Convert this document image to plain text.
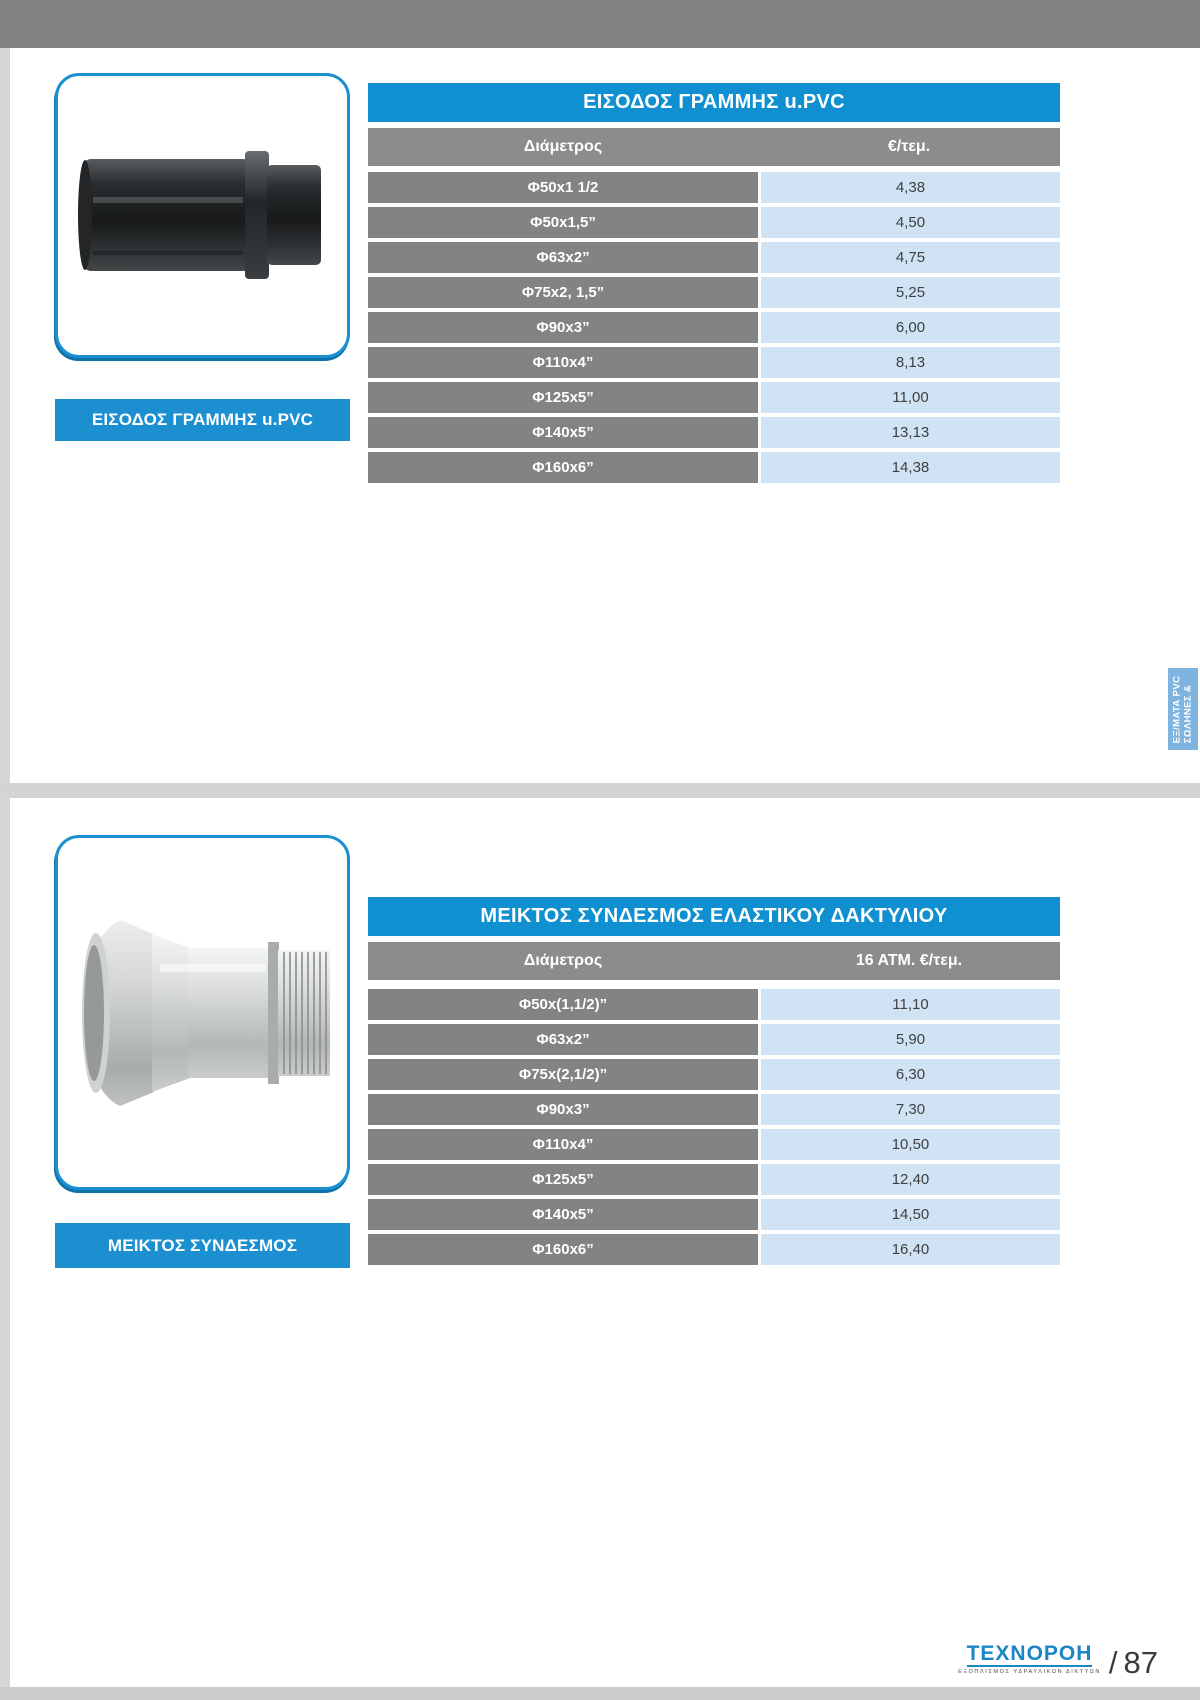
ΕΙΣΟΔΟΣ ΓΡΑΜΜΗΣ u.PVC
ΕΙΣΟΔΟΣ ΓΡΑΜΜΗΣ u.PVC
Διάμετρος	€/τεμ.
Φ50x1 1/2	4,38
Φ50x1,5”	4,50
Φ63x2”	4,75
Φ75x2, 1,5”	5,25
Φ90x3”	6,00
Φ110x4”	8,13
Φ125x5”	11,00
Φ140x5”	13,13
Φ160x6”	14,38
ΜΕΙΚΤΟΣ ΣΥΝΔΕΣΜΟΣ
ΜΕΙΚΤΟΣ ΣΥΝΔΕΣΜΟΣ ΕΛΑΣΤΙΚΟΥ ΔΑΚΤΥΛΙΟΥ
Διάμετρος	16 ΑΤΜ. €/τεμ.
Φ50x(1,1/2)”	11,10
Φ63x2”	5,90
Φ75x(2,1/2)”	6,30
Φ90x3”	7,30
Φ110x4”	10,50
Φ125x5”	12,40
Φ140x5”	14,50
Φ160x6”	16,40
ΕΞ/ΜΑΤΑ PVC ΣΩΛΗΝΕΣ &
ΤΕΧΝΟΡΟΗ
ΕΞΟΠΛΙΣΜΟΣ ΥΔΡΑΥΛΙΚΩΝ ΔΙΚΤΥΩΝ / 87
